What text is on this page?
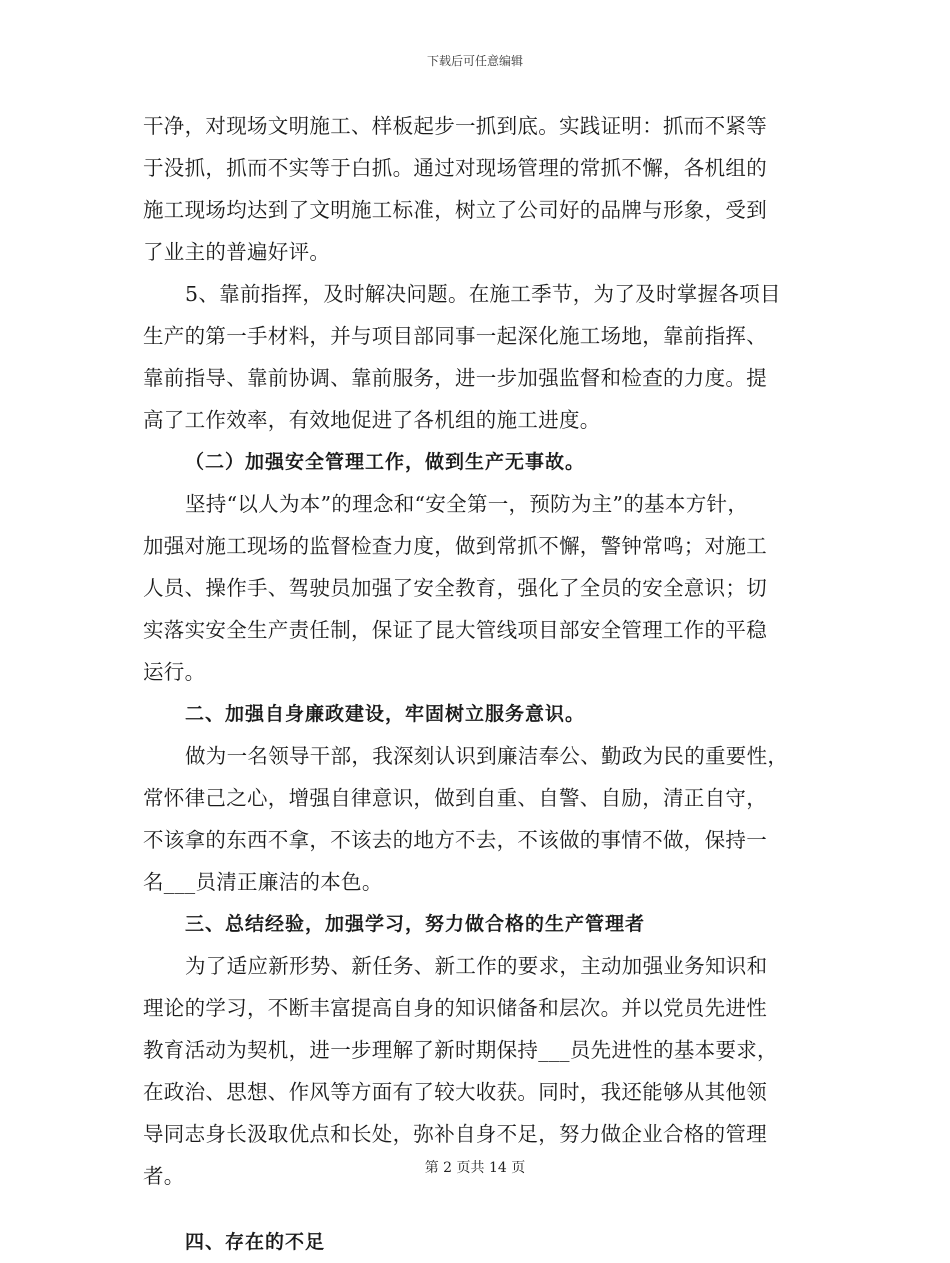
下载后可任意编辑
干净，对现场文明施工、样板起步一抓到底。实践证明：抓而不紧等
于没抓，抓而不实等于白抓。通过对现场管理的常抓不懈，各机组的
施工现场均达到了文明施工标准，树立了公司好的品牌与形象，受到
了业主的普遍好评。
5、靠前指挥，及时解决问题。在施工季节，为了及时掌握各项目
生产的第一手材料，并与项目部同事一起深化施工场地，靠前指挥、
靠前指导、靠前协调、靠前服务，进一步加强监督和检查的力度。提
高了工作效率，有效地促进了各机组的施工进度。
（二）加强安全管理工作，做到生产无事故。
坚持“以人为本”的理念和“安全第一，预防为主”的基本方针，
加强对施工现场的监督检查力度，做到常抓不懈，警钟常鸣；对施工
人员、操作手、驾驶员加强了安全教育，强化了全员的安全意识；切
实落实安全生产责任制，保证了昆大管线项目部安全管理工作的平稳
运行。
二、加强自身廉政建设，牢固树立服务意识。
做为一名领导干部，我深刻认识到廉洁奉公、勤政为民的重要性，
常怀律己之心，增强自律意识，做到自重、自警、自励，清正自守，
不该拿的东西不拿，不该去的地方不去，不该做的事情不做，保持一
名___员清正廉洁的本色。
三、总结经验，加强学习，努力做合格的生产管理者
为了适应新形势、新任务、新工作的要求，主动加强业务知识和
理论的学习，不断丰富提高自身的知识储备和层次。并以党员先进性
教育活动为契机，进一步理解了新时期保持___员先进性的基本要求，
在政治、思想、作风等方面有了较大收获。同时，我还能够从其他领
导同志身长汲取优点和长处，弥补自身不足，努力做企业合格的管理
者。
四、存在的不足
第 2 页共 14 页
